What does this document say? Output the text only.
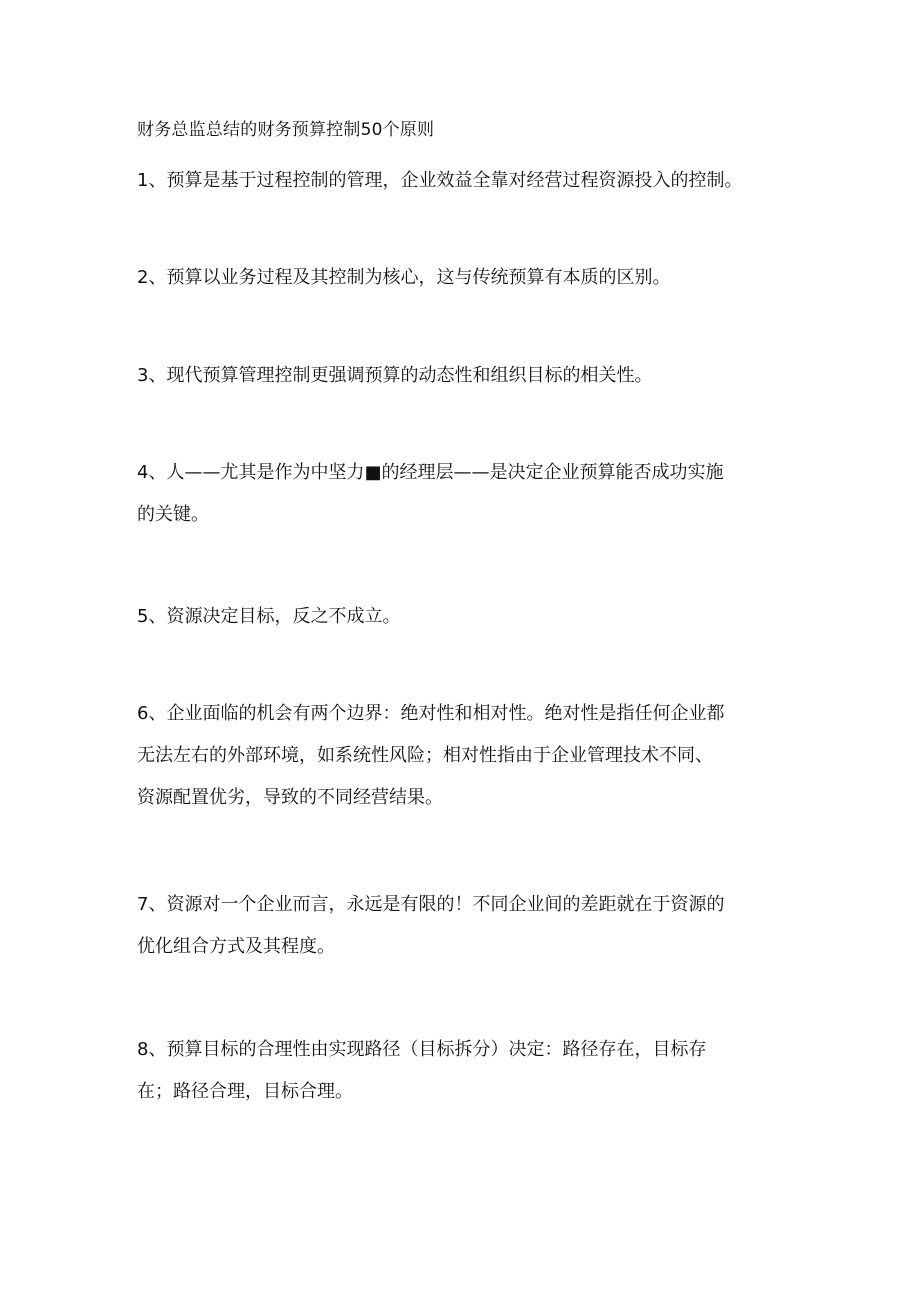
财务总监总结的财务预算控制50个原则
1、预算是基于过程控制的管理，企业效益全靠对经营过程资源投入的控制。
2、预算以业务过程及其控制为核心，这与传统预算有本质的区别。
3、现代预算管理控制更强调预算的动态性和组织目标的相关性。
4、人——尤其是作为中坚力■的经理层——是决定企业预算能否成功实施
的关键。
5、资源决定目标，反之不成立。
6、企业面临的机会有两个边界：绝对性和相对性。绝对性是指任何企业都
无法左右的外部环境，如系统性风险；相对性指由于企业管理技术不同、
资源配置优劣，导致的不同经营结果。
7、资源对一个企业而言，永远是有限的！不同企业间的差距就在于资源的
优化组合方式及其程度。
8、预算目标的合理性由实现路径（目标拆分）决定：路径存在，目标存
在；路径合理，目标合理。
